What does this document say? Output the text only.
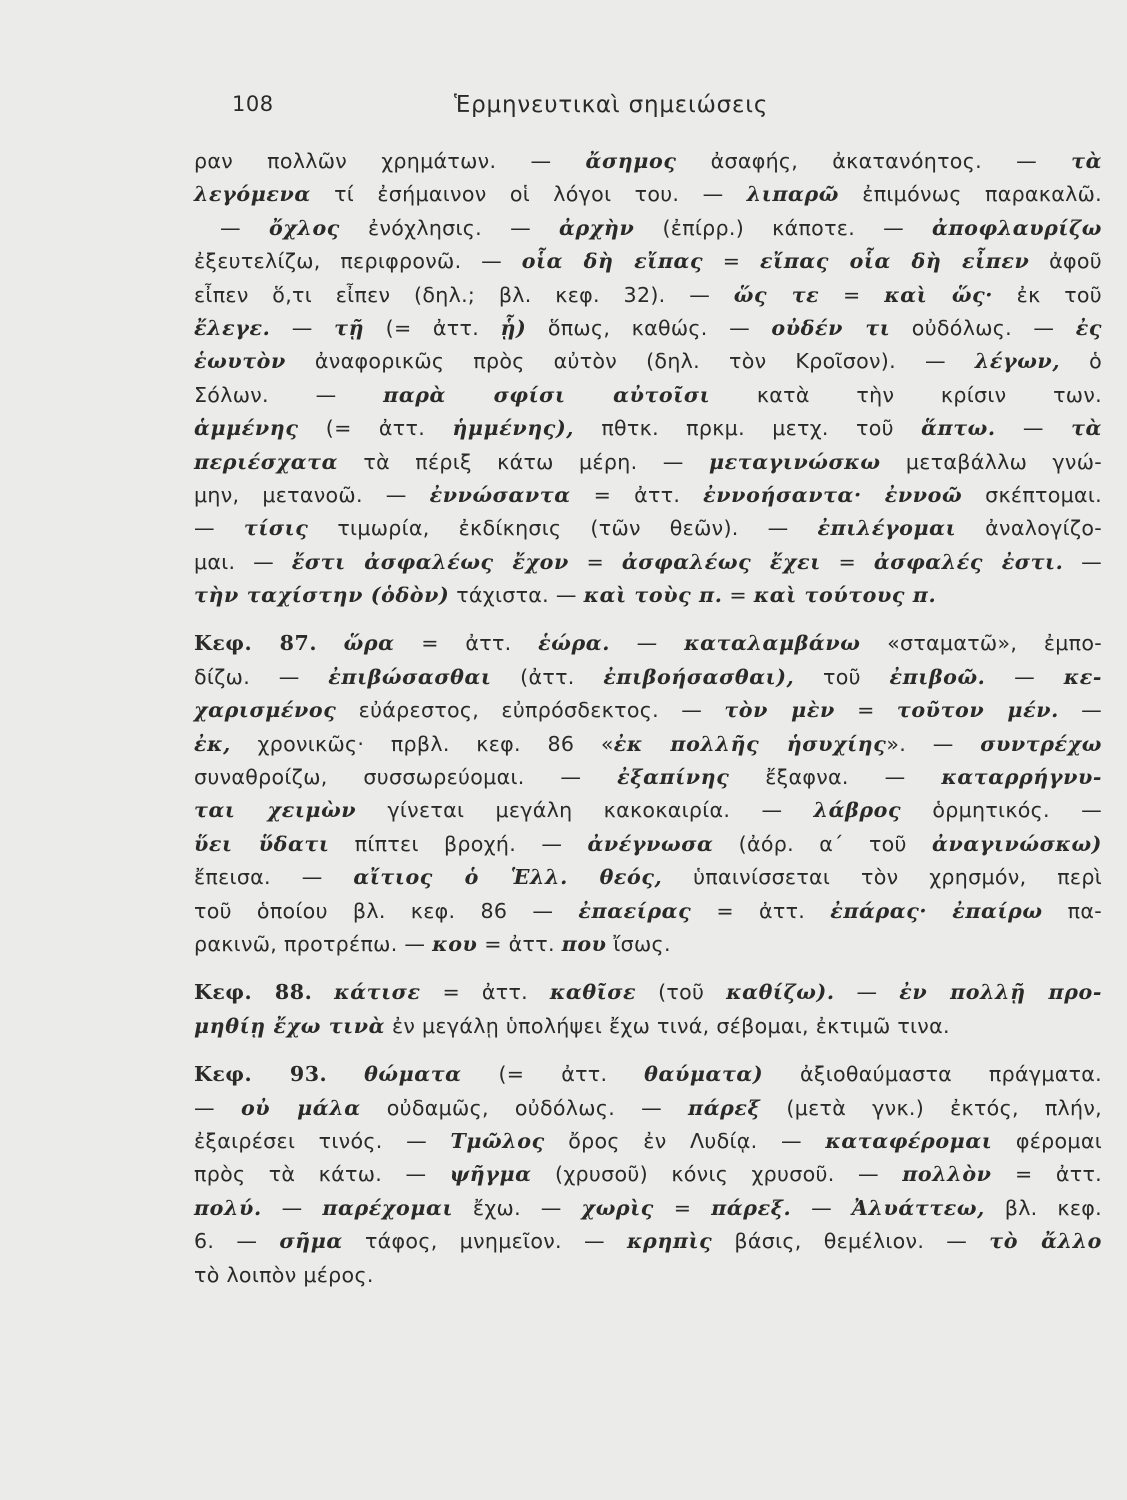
108	Ἑρμηνευτικαὶ σημειώσεις
ραν πολλῶν χρημάτων. — ἄσημος ἀσαφής, ἀκατανόητος. — τὰ
λεγόμενα τί ἐσήμαινον οἱ λόγοι του. — λιπαρῶ ἐπιμόνως παρακαλῶ.
— ὄχλος ἐνόχλησις. — ἀρχὴν (ἐπίρρ.) κάποτε. — ἀποφλαυρίζω
ἐξευτελίζω, περιφρονῶ. — οἷα δὴ εἴπας = εἴπας οἷα δὴ εἶπεν ἀφοῦ
εἶπεν ὅ,τι εἶπεν (δηλ.; βλ. κεφ. 32). — ὥς τε = καὶ ὥς· ἐκ τοῦ
ἔλεγε. — τῇ (= ἀττ. ᾗ) ὅπως, καθώς. — οὐδέν τι οὐδόλως. — ἐς
ἑωυτὸν ἀναφορικῶς πρὸς αὐτὸν (δηλ. τὸν Κροῖσον). — λέγων, ὁ
Σόλων. — παρὰ σφίσι αὐτοῖσι κατὰ τὴν κρίσιν των.
ἁμμένης (= ἀττ. ἡμμένης), πθτκ. πρκμ. μετχ. τοῦ ἅπτω. — τὰ
περιέσχατα τὰ πέριξ κάτω μέρη. — μεταγινώσκω μεταβάλλω γνώ-
μην, μετανοῶ. — ἐννώσαντα = ἀττ. ἐννοήσαντα· ἐννοῶ σκέπτομαι.
— τίσις τιμωρία, ἐκδίκησις (τῶν θεῶν). — ἐπιλέγομαι ἀναλογίζο-
μαι. — ἔστι ἀσφαλέως ἔχον = ἀσφαλέως ἔχει = ἀσφαλές ἐστι. —
τὴν ταχίστην (ὁδὸν) τάχιστα. — καὶ τοὺς π. = καὶ τούτους π.
Κεφ. 87. ὥρα = ἀττ. ἑώρα. — καταλαμβάνω «σταματῶ», ἐμπο-
δίζω. — ἐπιβώσασθαι (ἀττ. ἐπιβοήσασθαι), τοῦ ἐπιβοῶ. — κε-
χαρισμένος εὐάρεστος, εὐπρόσδεκτος. — τὸν μὲν = τοῦτον μέν. —
ἐκ, χρονικῶς· πρβλ. κεφ. 86 «ἐκ πολλῆς ἡσυχίης». — συντρέχω
συναθροίζω, συσσωρεύομαι. — ἐξαπίνης ἔξαφνα. — καταρρήγνυ-
ται χειμὼν γίνεται μεγάλη κακοκαιρία. — λάβρος ὁρμητικός. —
ὕει ὕδατι πίπτει βροχή. — ἀνέγνωσα (ἀόρ. α΄ τοῦ ἀναγινώσκω)
ἔπεισα. — αἴτιος ὁ Ἑλλ. θεός, ὑπαινίσσεται τὸν χρησμόν, περὶ
τοῦ ὁποίου βλ. κεφ. 86 — ἐπαείρας = ἀττ. ἐπάρας· ἐπαίρω πα-
ρακινῶ, προτρέπω. — κου = ἀττ. που ἴσως.
Κεφ. 88. κάτισε = ἀττ. καθῖσε (τοῦ καθίζω). — ἐν πολλῇ προ-
μηθίῃ ἔχω τινὰ ἐν μεγάλῃ ὑπολήψει ἔχω τινά, σέβομαι, ἐκτιμῶ τινα.
Κεφ. 93. θώματα (= ἀττ. θαύματα) ἀξιοθαύμαστα πράγματα.
— οὐ μάλα οὐδαμῶς, οὐδόλως. — πάρεξ (μετὰ γνκ.) ἐκτός, πλήν,
ἐξαιρέσει τινός. — Τμῶλος ὄρος ἐν Λυδίᾳ. — καταφέρομαι φέρομαι
πρὸς τὰ κάτω. — ψῆγμα (χρυσοῦ) κόνις χρυσοῦ. — πολλὸν = ἀττ.
πολύ. — παρέχομαι ἔχω. — χωρὶς = πάρεξ. — Ἀλυάττεω, βλ. κεφ.
6. — σῆμα τάφος, μνημεῖον. — κρηπὶς βάσις, θεμέλιον. — τὸ ἄλλο
τὸ λοιπὸν μέρος.
